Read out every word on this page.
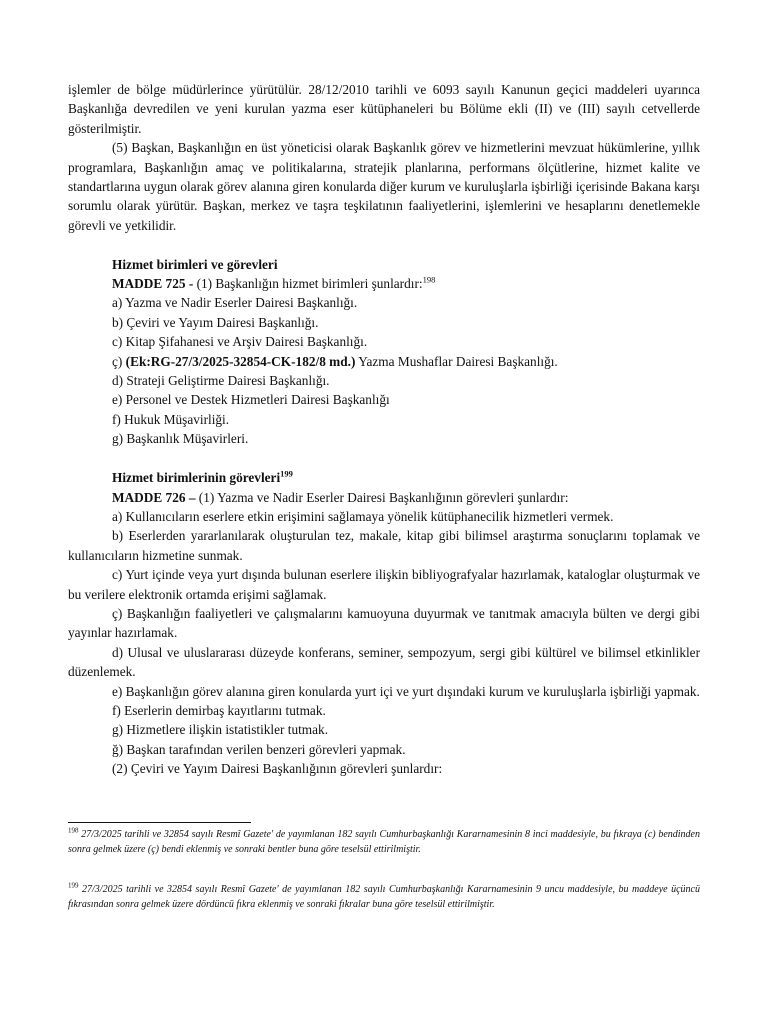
işlemler de bölge müdürlerince yürütülür. 28/12/2010 tarihli ve 6093 sayılı Kanunun geçici maddeleri uyarınca Başkanlığa devredilen ve yeni kurulan yazma eser kütüphaneleri bu Bölüme ekli (II) ve (III) sayılı cetvellerde gösterilmiştir.

(5) Başkan, Başkanlığın en üst yöneticisi olarak Başkanlık görev ve hizmetlerini mevzuat hükümlerine, yıllık programlara, Başkanlığın amaç ve politikalarına, stratejik planlarına, performans ölçütlerine, hizmet kalite ve standartlarına uygun olarak görev alanına giren konularda diğer kurum ve kuruluşlarla işbirliği içerisinde Bakana karşı sorumlu olarak yürütür. Başkan, merkez ve taşra teşkilatının faaliyetlerini, işlemlerini ve hesaplarını denetlemekle görevli ve yetkilidir.

Hizmet birimleri ve görevleri

MADDE 725 - (1) Başkanlığın hizmet birimleri şunlardır:$^{198}$

a) Yazma ve Nadir Eserler Dairesi Başkanlığı.

b) Çeviri ve Yayım Dairesi Başkanlığı.

c) Kitap Şifahanesi ve Arşiv Dairesi Başkanlığı.

ç) (Ek:RG-27/3/2025-32854-CK-182/8 md.) Yazma Mushaflar Dairesi Başkanlığı.

d) Strateji Geliştirme Dairesi Başkanlığı.

e) Personel ve Destek Hizmetleri Dairesi Başkanlığı

f) Hukuk Müşavirliği.

g) Başkanlık Müşavirleri.

Hizmet birimlerinin görevleri$^{199}$

MADDE 726 – (1) Yazma ve Nadir Eserler Dairesi Başkanlığının görevleri şunlardır:

a) Kullanıcıların eserlere etkin erişimini sağlamaya yönelik kütüphanecilik hizmetleri vermek.

b) Eserlerden yararlanılarak oluşturulan tez, makale, kitap gibi bilimsel araştırma sonuçlarını toplamak ve kullanıcıların hizmetine sunmak.

c) Yurt içinde veya yurt dışında bulunan eserlere ilişkin bibliyografyalar hazırlamak, kataloglar oluşturmak ve bu verilere elektronik ortamda erişimi sağlamak.

ç) Başkanlığın faaliyetleri ve çalışmalarını kamuoyuna duyurmak ve tanıtmak amacıyla bülten ve dergi gibi yayınlar hazırlamak.

d) Ulusal ve uluslararası düzeyde konferans, seminer, sempozyum, sergi gibi kültürel ve bilimsel etkinlikler düzenlemek.

e) Başkanlığın görev alanına giren konularda yurt içi ve yurt dışındaki kurum ve kuruluşlarla işbirliği yapmak.

f) Eserlerin demirbaş kayıtlarını tutmak.

g) Hizmetlere ilişkin istatistikler tutmak.

ğ) Başkan tarafından verilen benzeri görevleri yapmak.

(2) Çeviri ve Yayım Dairesi Başkanlığının görevleri şunlardır:

$^{198}$ 27/3/2025 tarihli ve 32854 sayılı Resmî Gazete' de yayımlanan 182 sayılı Cumhurbaşkanlığı Kararnamesinin 8 inci maddesiyle, bu fıkraya (c) bendinden sonra gelmek üzere (ç) bendi eklenmiş ve sonraki bentler buna göre teselsül ettirilmiştir.

$^{199}$ 27/3/2025 tarihli ve 32854 sayılı Resmî Gazete' de yayımlanan 182 sayılı Cumhurbaşkanlığı Kararnamesinin 9 uncu maddesiyle, bu maddeye üçüncü fıkrasından sonra gelmek üzere dördüncü fıkra eklenmiş ve sonraki fıkralar buna göre teselsül ettirilmiştir.
